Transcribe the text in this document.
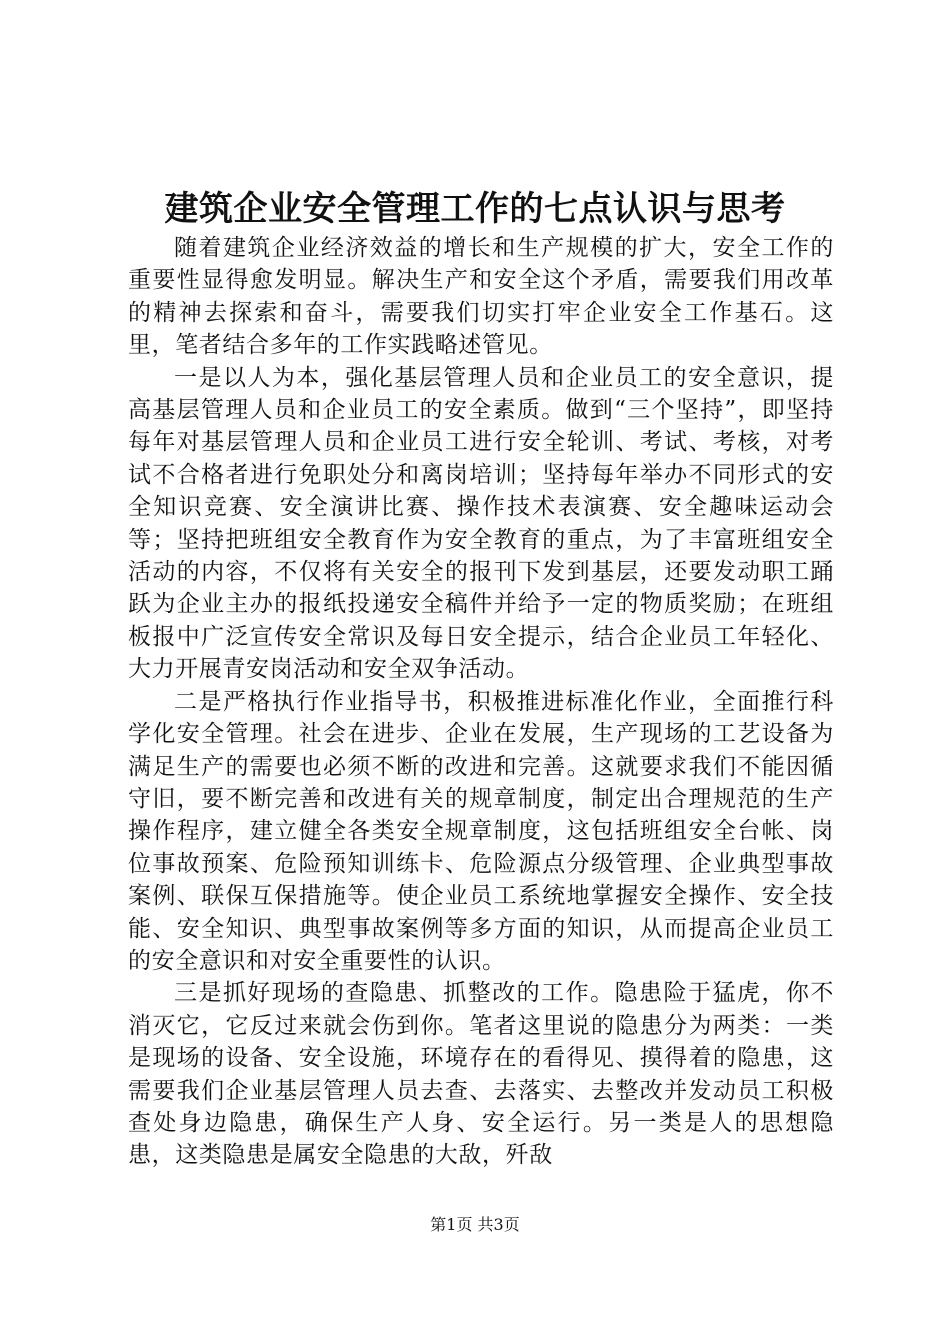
建筑企业安全管理工作的七点认识与思考

随着建筑企业经济效益的增长和生产规模的扩大，安全工作的重要性显得愈发明显。解决生产和安全这个矛盾，需要我们用改革的精神去探索和奋斗，需要我们切实打牢企业安全工作基石。这里，笔者结合多年的工作实践略述管见。

一是以人为本，强化基层管理人员和企业员工的安全意识，提高基层管理人员和企业员工的安全素质。做到“三个坚持”，即坚持每年对基层管理人员和企业员工进行安全轮训、考试、考核，对考试不合格者进行免职处分和离岗培训；坚持每年举办不同形式的安全知识竞赛、安全演讲比赛、操作技术表演赛、安全趣味运动会等；坚持把班组安全教育作为安全教育的重点，为了丰富班组安全活动的内容，不仅将有关安全的报刊下发到基层，还要发动职工踊跃为企业主办的报纸投递安全稿件并给予一定的物质奖励；在班组板报中广泛宣传安全常识及每日安全提示，结合企业员工年轻化、大力开展青安岗活动和安全双争活动。

二是严格执行作业指导书，积极推进标准化作业，全面推行科学化安全管理。社会在进步、企业在发展，生产现场的工艺设备为满足生产的需要也必须不断的改进和完善。这就要求我们不能因循守旧，要不断完善和改进有关的规章制度，制定出合理规范的生产操作程序，建立健全各类安全规章制度，这包括班组安全台帐、岗位事故预案、危险预知训练卡、危险源点分级管理、企业典型事故案例、联保互保措施等。使企业员工系统地掌握安全操作、安全技能、安全知识、典型事故案例等多方面的知识，从而提高企业员工的安全意识和对安全重要性的认识。

三是抓好现场的查隐患、抓整改的工作。隐患险于猛虎，你不消灭它，它反过来就会伤到你。笔者这里说的隐患分为两类：一类是现场的设备、安全设施，环境存在的看得见、摸得着的隐患，这需要我们企业基层管理人员去查、去落实、去整改并发动员工积极查处身边隐患，确保生产人身、安全运行。另一类是人的思想隐患，这类隐患是属安全隐患的大敌，歼敌

第1页 共3页
